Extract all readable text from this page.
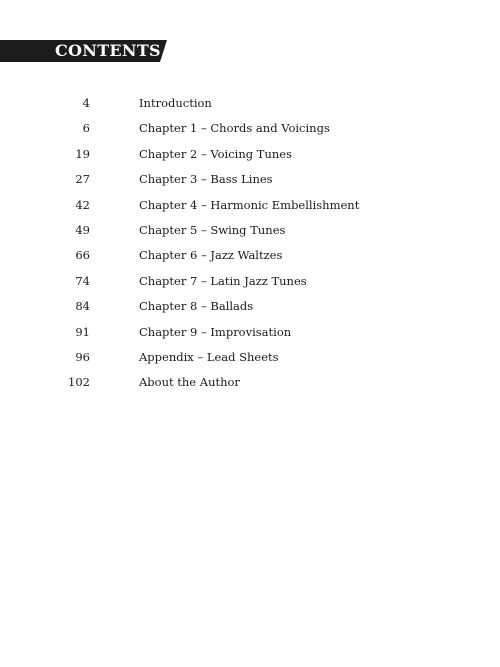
CONTENTS
4	Introduction
6	Chapter 1 – Chords and Voicings
19	Chapter 2 – Voicing Tunes
27	Chapter 3 – Bass Lines
42	Chapter 4 – Harmonic Embellishment
49	Chapter 5 – Swing Tunes
66	Chapter 6 – Jazz Waltzes
74	Chapter 7 – Latin Jazz Tunes
84	Chapter 8 – Ballads
91	Chapter 9 – Improvisation
96	Appendix – Lead Sheets
102	About the Author
